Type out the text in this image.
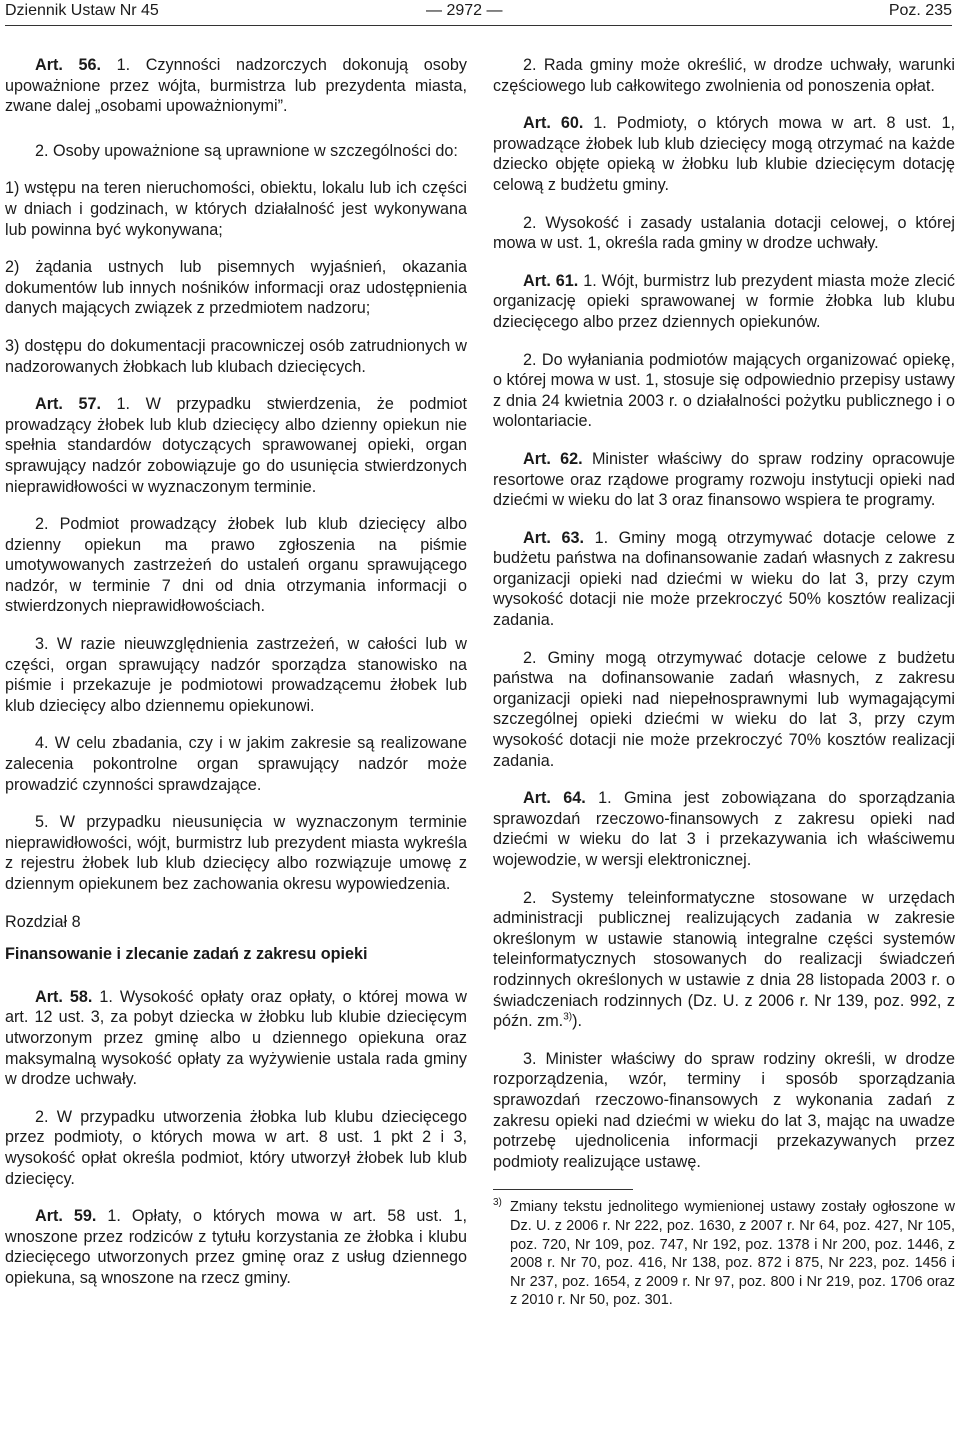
Dziennik Ustaw Nr 45	— 2972 —	Poz. 235

Art. 56. 1. Czynności nadzorczych dokonują osoby upoważnione przez wójta, burmistrza lub prezydenta miasta, zwane dalej „osobami upoważnionymi”.

2. Osoby upoważnione są uprawnione w szczególności do:

1) wstępu na teren nieruchomości, obiektu, lokalu lub ich części w dniach i godzinach, w których działalność jest wykonywana lub powinna być wykonywana;

2) żądania ustnych lub pisemnych wyjaśnień, okazania dokumentów lub innych nośników informacji oraz udostępnienia danych mających związek z przedmiotem nadzoru;

3) dostępu do dokumentacji pracowniczej osób zatrudnionych w nadzorowanych żłobkach lub klubach dziecięcych.

Art. 57. 1. W przypadku stwierdzenia, że podmiot prowadzący żłobek lub klub dziecięcy albo dzienny opiekun nie spełnia standardów dotyczących sprawowanej opieki, organ sprawujący nadzór zobowiązuje go do usunięcia stwierdzonych nieprawidłowości w wyznaczonym terminie.

2. Podmiot prowadzący żłobek lub klub dziecięcy albo dzienny opiekun ma prawo zgłoszenia na piśmie umotywowanych zastrzeżeń do ustaleń organu sprawującego nadzór, w terminie 7 dni od dnia otrzymania informacji o stwierdzonych nieprawidłowościach.

3. W razie nieuwzględnienia zastrzeżeń, w całości lub w części, organ sprawujący nadzór sporządza stanowisko na piśmie i przekazuje je podmiotowi prowadzącemu żłobek lub klub dziecięcy albo dziennemu opiekunowi.

4. W celu zbadania, czy i w jakim zakresie są realizowane zalecenia pokontrolne organ sprawujący nadzór może prowadzić czynności sprawdzające.

5. W przypadku nieusunięcia w wyznaczonym terminie nieprawidłowości, wójt, burmistrz lub prezydent miasta wykreśla z rejestru żłobek lub klub dziecięcy albo rozwiązuje umowę z dziennym opiekunem bez zachowania okresu wypowiedzenia.

Rozdział 8

Finansowanie i zlecanie zadań z zakresu opieki

Art. 58. 1. Wysokość opłaty oraz opłaty, o której mowa w art. 12 ust. 3, za pobyt dziecka w żłobku lub klubie dziecięcym utworzonym przez gminę albo u dziennego opiekuna oraz maksymalną wysokość opłaty za wyżywienie ustala rada gminy w drodze uchwały.

2. W przypadku utworzenia żłobka lub klubu dziecięcego przez podmioty, o których mowa w art. 8 ust. 1 pkt 2 i 3, wysokość opłat określa podmiot, który utworzył żłobek lub klub dziecięcy.

Art. 59. 1. Opłaty, o których mowa w art. 58 ust. 1, wnoszone przez rodziców z tytułu korzystania ze żłobka i klubu dziecięcego utworzonych przez gminę oraz z usług dziennego opiekuna, są wnoszone na rzecz gminy.

2. Rada gminy może określić, w drodze uchwały, warunki częściowego lub całkowitego zwolnienia od ponoszenia opłat.

Art. 60. 1. Podmioty, o których mowa w art. 8 ust. 1, prowadzące żłobek lub klub dziecięcy mogą otrzymać na każde dziecko objęte opieką w żłobku lub klubie dziecięcym dotację celową z budżetu gminy.

2. Wysokość i zasady ustalania dotacji celowej, o której mowa w ust. 1, określa rada gminy w drodze uchwały.

Art. 61. 1. Wójt, burmistrz lub prezydent miasta może zlecić organizację opieki sprawowanej w formie żłobka lub klubu dziecięcego albo przez dziennych opiekunów.

2. Do wyłaniania podmiotów mających organizować opiekę, o której mowa w ust. 1, stosuje się odpowiednio przepisy ustawy z dnia 24 kwietnia 2003 r. o działalności pożytku publicznego i o wolontariacie.

Art. 62. Minister właściwy do spraw rodziny opracowuje resortowe oraz rządowe programy rozwoju instytucji opieki nad dziećmi w wieku do lat 3 oraz finansowo wspiera te programy.

Art. 63. 1. Gminy mogą otrzymywać dotacje celowe z budżetu państwa na dofinansowanie zadań własnych z zakresu organizacji opieki nad dziećmi w wieku do lat 3, przy czym wysokość dotacji nie może przekroczyć 50% kosztów realizacji zadania.

2. Gminy mogą otrzymywać dotacje celowe z budżetu państwa na dofinansowanie zadań własnych, z zakresu organizacji opieki nad niepełnosprawnymi lub wymagającymi szczególnej opieki dziećmi w wieku do lat 3, przy czym wysokość dotacji nie może przekroczyć 70% kosztów realizacji zadania.

Art. 64. 1. Gmina jest zobowiązana do sporządzania sprawozdań rzeczowo-finansowych z zakresu opieki nad dziećmi w wieku do lat 3 i przekazywania ich właściwemu wojewodzie, w wersji elektronicznej.

2. Systemy teleinformatyczne stosowane w urzędach administracji publicznej realizujących zadania w zakresie określonym w ustawie stanowią integralne części systemów teleinformatycznych stosowanych do realizacji świadczeń rodzinnych określonych w ustawie z dnia 28 listopada 2003 r. o świadczeniach rodzinnych (Dz. U. z 2006 r. Nr 139, poz. 992, z późn. zm.$^{3)}$).

3. Minister właściwy do spraw rodziny określi, w drodze rozporządzenia, wzór, terminy i sposób sporządzania sprawozdań rzeczowo-finansowych z wykonania zadań z zakresu opieki nad dziećmi w wieku do lat 3, mając na uwadze potrzebę ujednolicenia informacji przekazywanych przez podmioty realizujące ustawę.

3) Zmiany tekstu jednolitego wymienionej ustawy zostały ogłoszone w Dz. U. z 2006 r. Nr 222, poz. 1630, z 2007 r. Nr 64, poz. 427, Nr 105, poz. 720, Nr 109, poz. 747, Nr 192, poz. 1378 i Nr 200, poz. 1446, z 2008 r. Nr 70, poz. 416, Nr 138, poz. 872 i 875, Nr 223, poz. 1456 i Nr 237, poz. 1654, z 2009 r. Nr 97, poz. 800 i Nr 219, poz. 1706 oraz z 2010 r. Nr 50, poz. 301.
